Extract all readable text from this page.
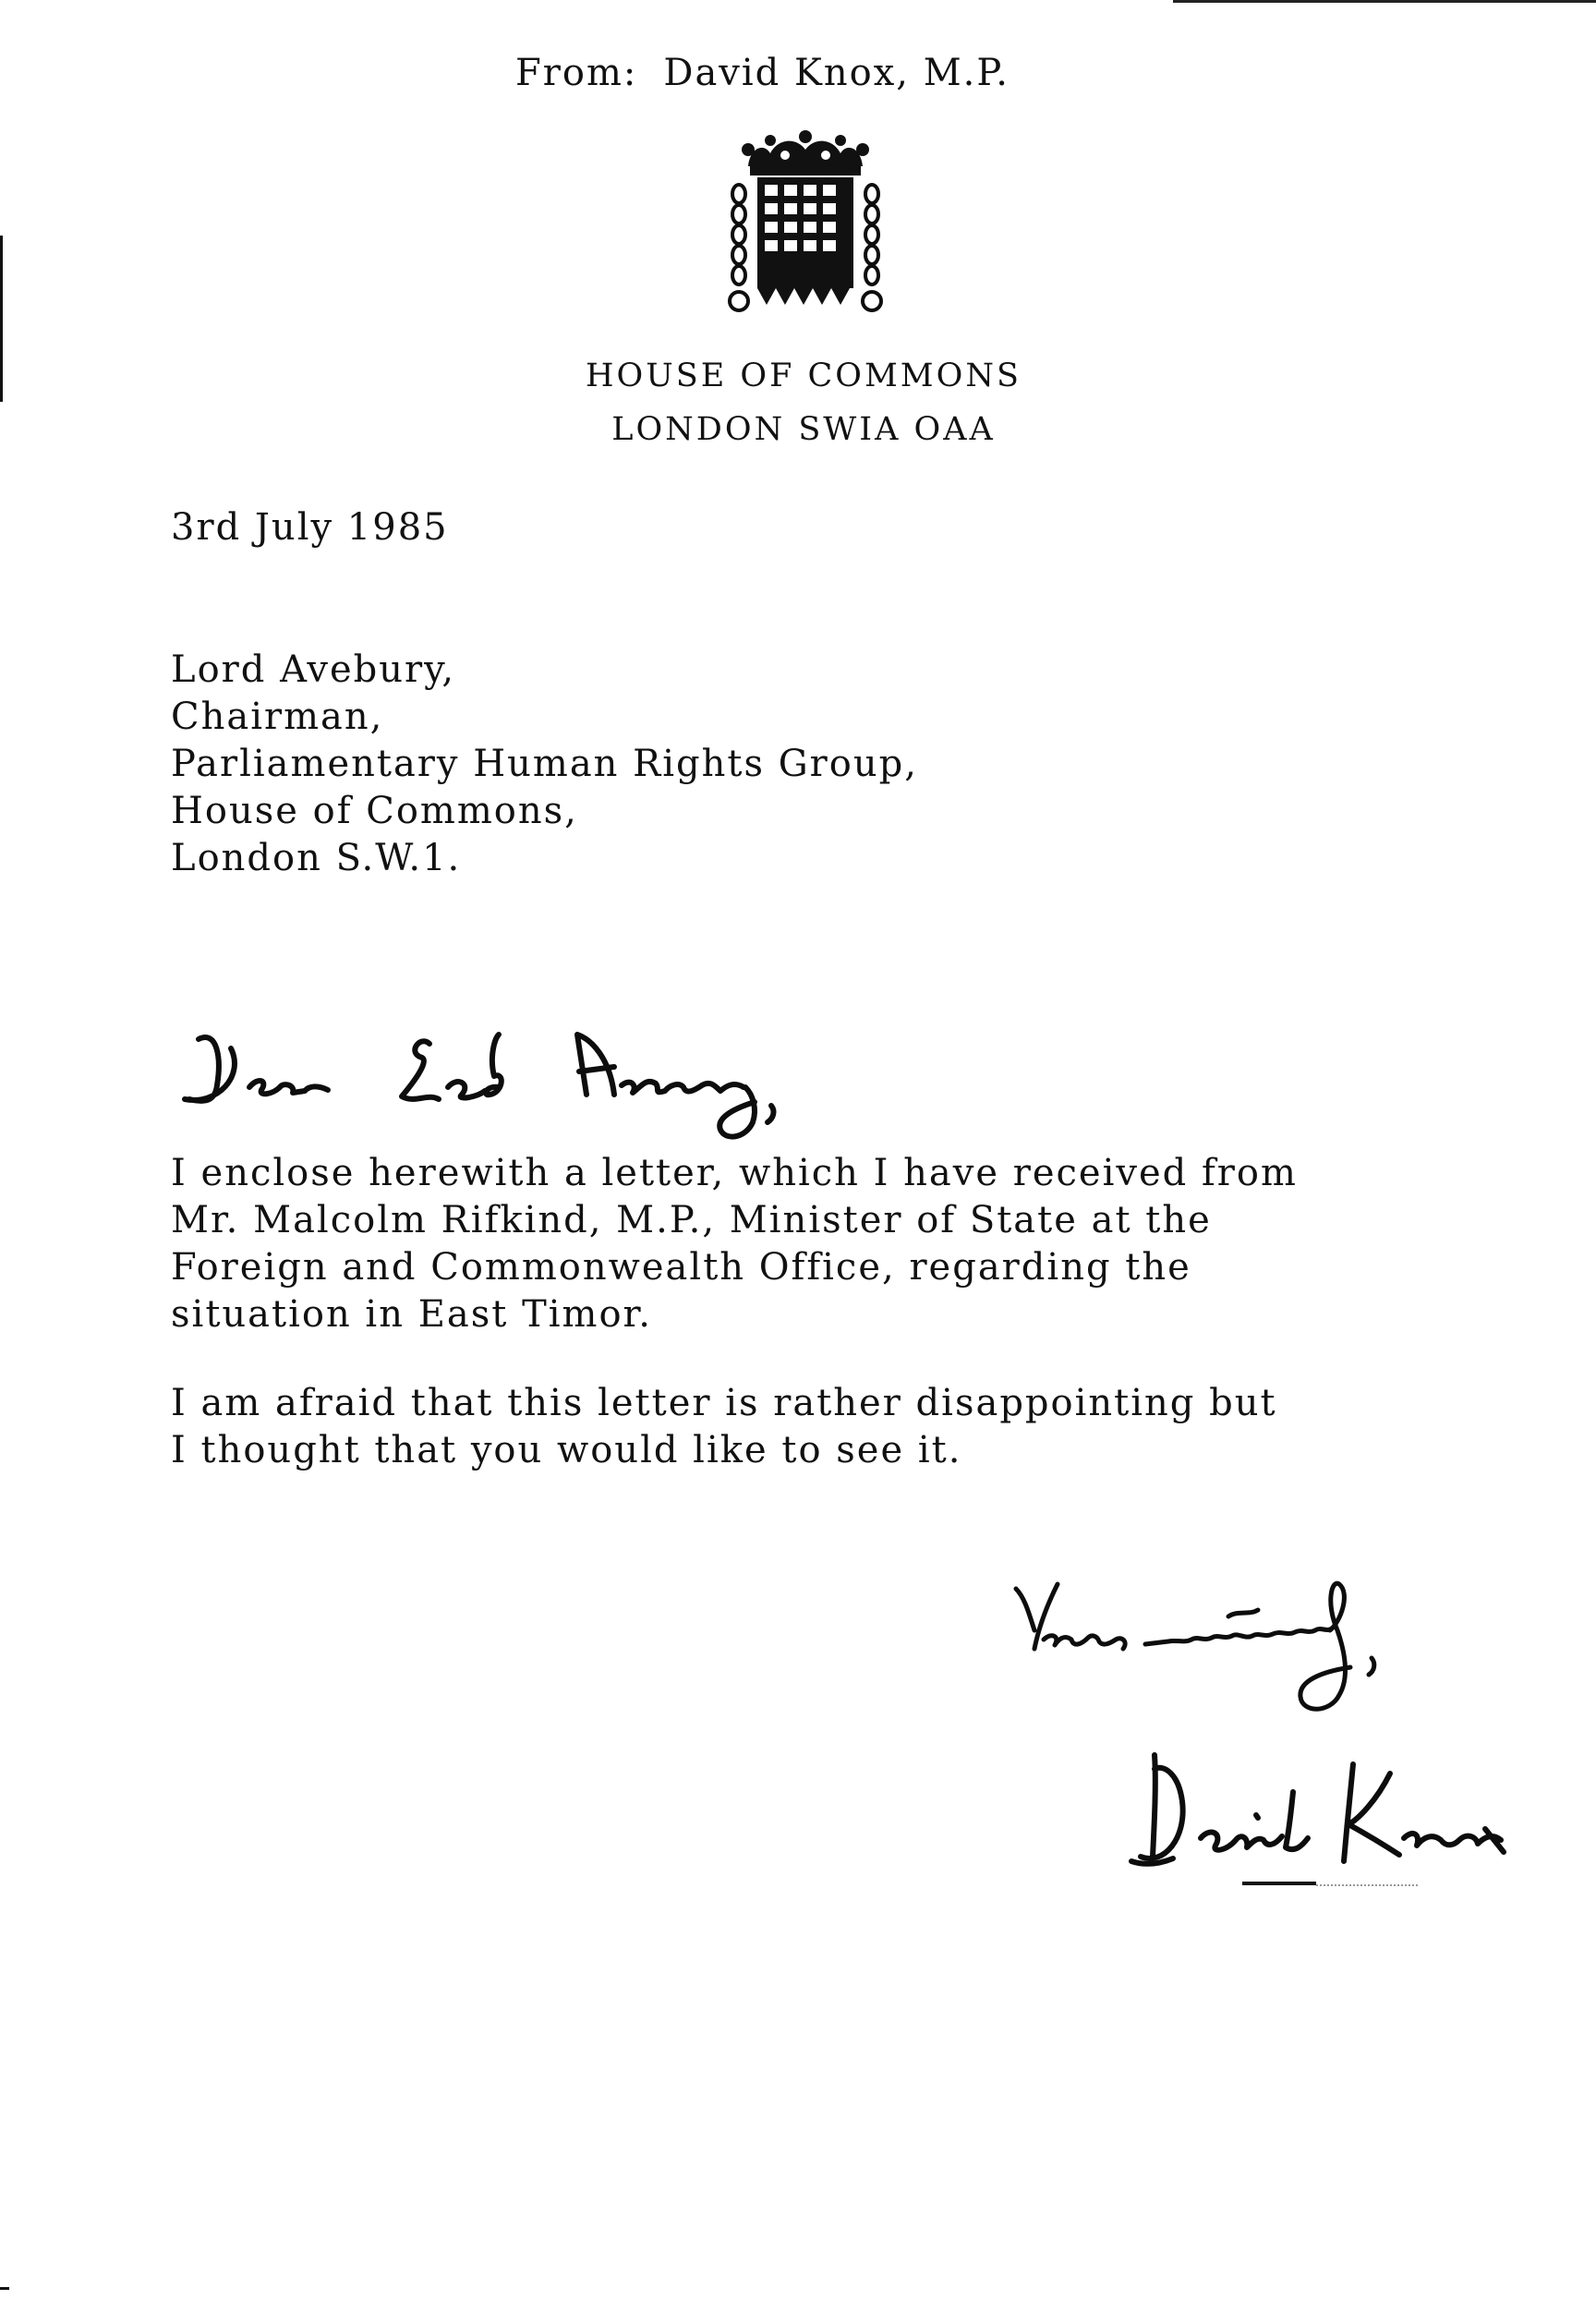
From: David Knox, M.P.
HOUSE OF COMMONS
LONDON SWIA OAA
3rd July 1985
Lord Avebury,
Chairman,
Parliamentary Human Rights Group,
House of Commons,
London S.W.1.

I enclose herewith a letter, which I have received from
Mr. Malcolm Rifkind, M.P., Minister of State at the
Foreign and Commonwealth Office, regarding the
situation in East Timor.

I am afraid that this letter is rather disappointing but
I thought that you would like to see it.
